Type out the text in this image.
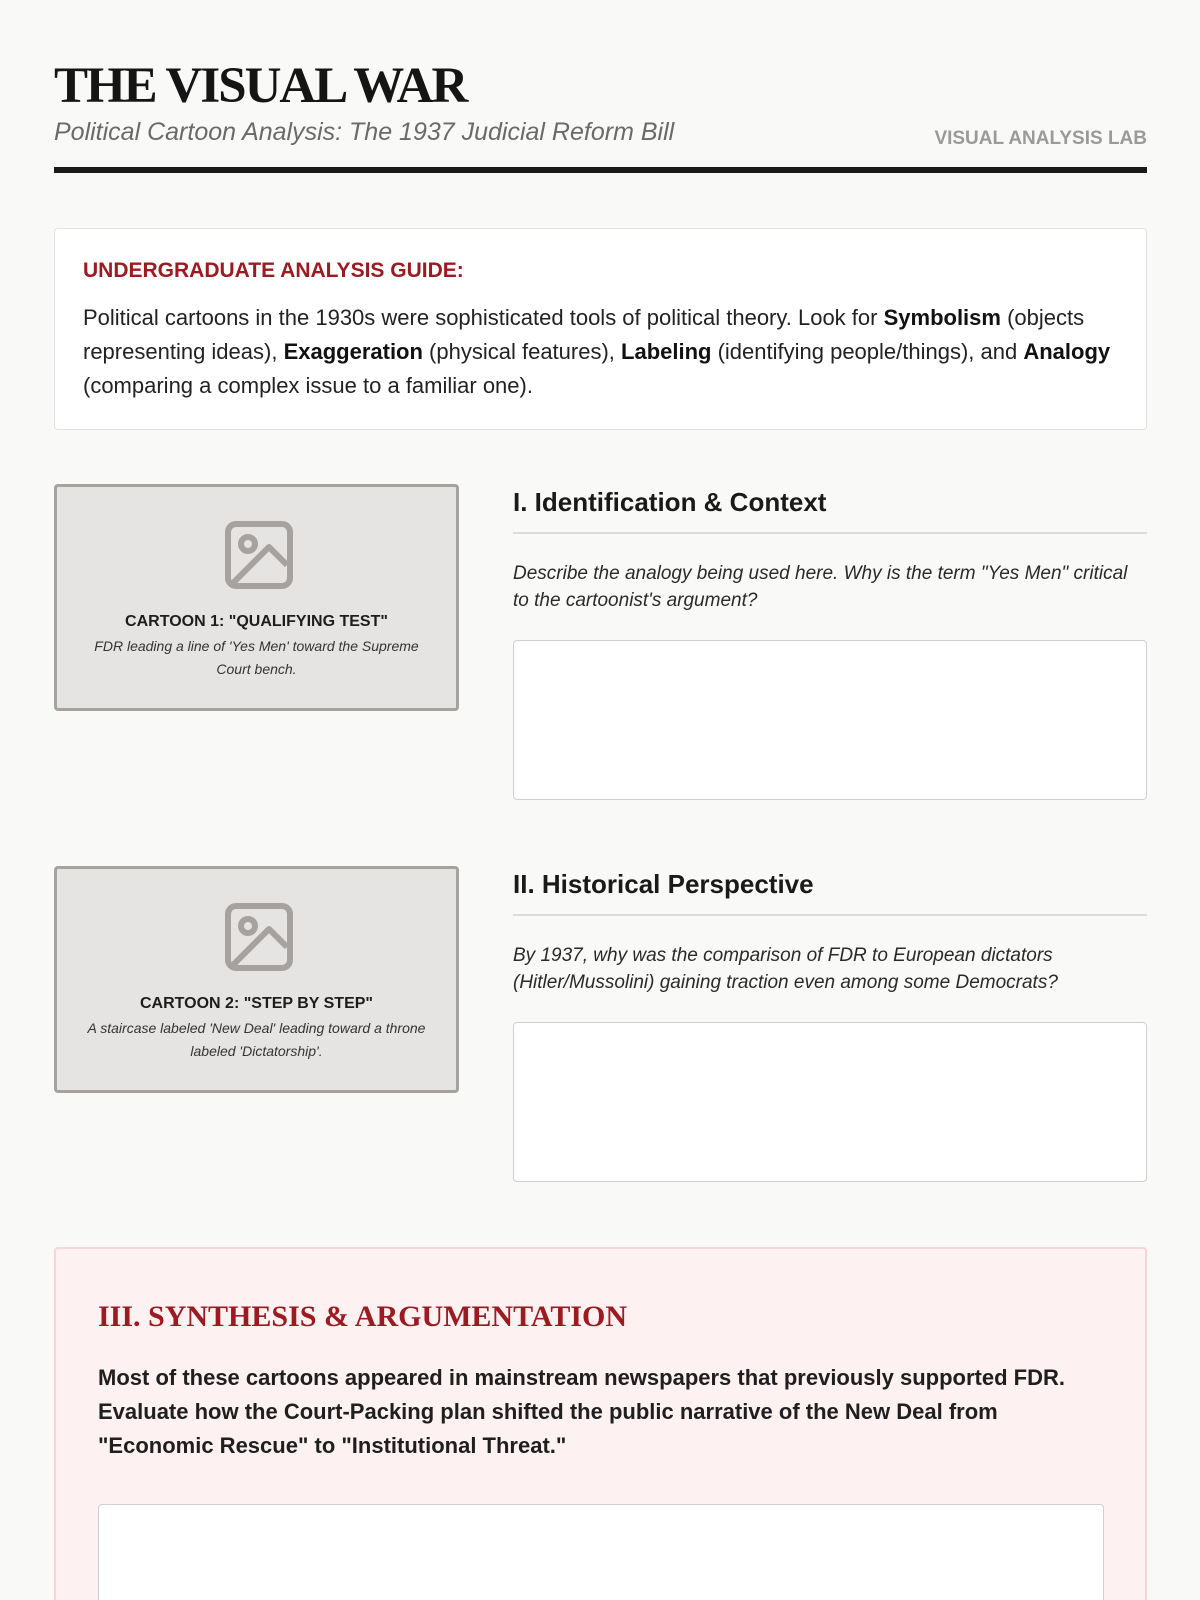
THE VISUAL WAR
Political Cartoon Analysis: The 1937 Judicial Reform Bill	VISUAL ANALYSIS LAB
UNDERGRADUATE ANALYSIS GUIDE:

Political cartoons in the 1930s were sophisticated tools of political theory. Look for Symbolism (objects representing ideas), Exaggeration (physical features), Labeling (identifying people/things), and Analogy (comparing a complex issue to a familiar one).

CARTOON 1: "QUALIFYING TEST"
FDR leading a line of 'Yes Men' toward the Supreme Court bench.
I. Identification & Context
Describe the analogy being used here. Why is the term "Yes Men" critical to the cartoonist's argument?
CARTOON 2: "STEP BY STEP"
A staircase labeled 'New Deal' leading toward a throne labeled 'Dictatorship'.
II. Historical Perspective
By 1937, why was the comparison of FDR to European dictators (Hitler/Mussolini) gaining traction even among some Democrats?
III. SYNTHESIS & ARGUMENTATION
Most of these cartoons appeared in mainstream newspapers that previously supported FDR. Evaluate how the Court-Packing plan shifted the public narrative of the New Deal from "Economic Rescue" to "Institutional Threat."
